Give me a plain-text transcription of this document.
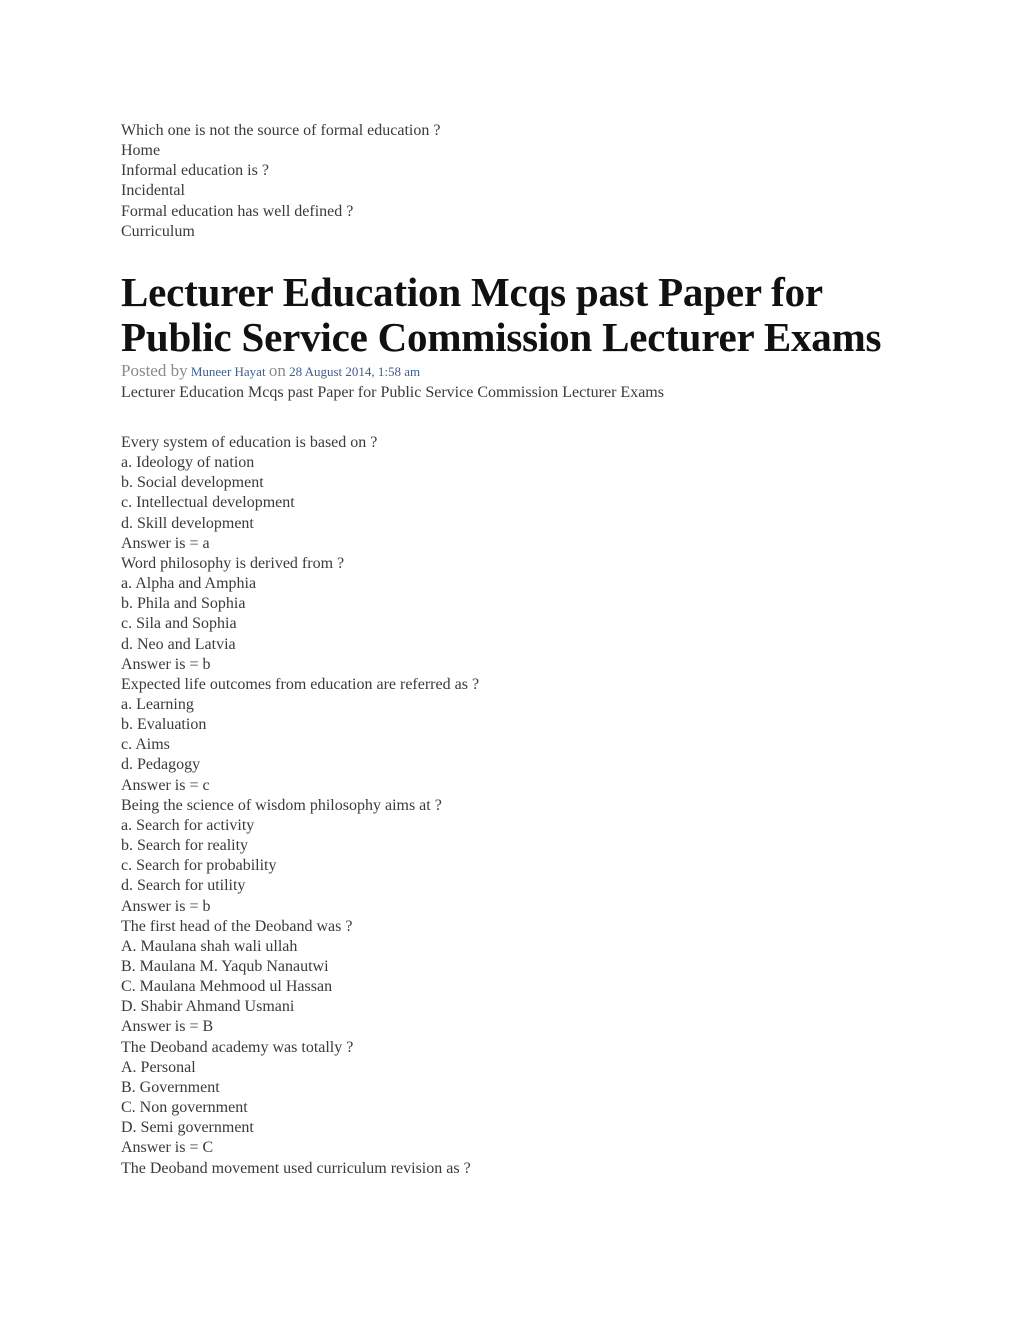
Which one is not the source of formal education ?

Home

Informal education is ?

Incidental

Formal education has well defined ?

Curriculum

Lecturer Education Mcqs past Paper for Public Service Commission Lecturer Exams
Posted by Muneer Hayat on 28 August 2014, 1:58 am
Lecturer Education Mcqs past Paper for Public Service Commission Lecturer Exams

Every system of education is based on ?

a. Ideology of nation

b. Social development

c. Intellectual development

d. Skill development

Answer is = a

Word philosophy is derived from ?

a. Alpha and Amphia

b. Phila and Sophia

c. Sila and Sophia

d. Neo and Latvia

Answer is = b

Expected life outcomes from education are referred as ?

a. Learning

b. Evaluation

c. Aims

d. Pedagogy

Answer is = c

Being the science of wisdom philosophy aims at ?

a. Search for activity

b. Search for reality

c. Search for probability

d. Search for utility

Answer is = b

The first head of the Deoband was ?

A. Maulana shah wali ullah

B. Maulana M. Yaqub Nanautwi

C. Maulana Mehmood ul Hassan

D. Shabir Ahmand Usmani

Answer is = B

The Deoband academy was totally ?

A. Personal

B. Government

C. Non government

D. Semi government

Answer is = C

The Deoband movement used curriculum revision as ?
